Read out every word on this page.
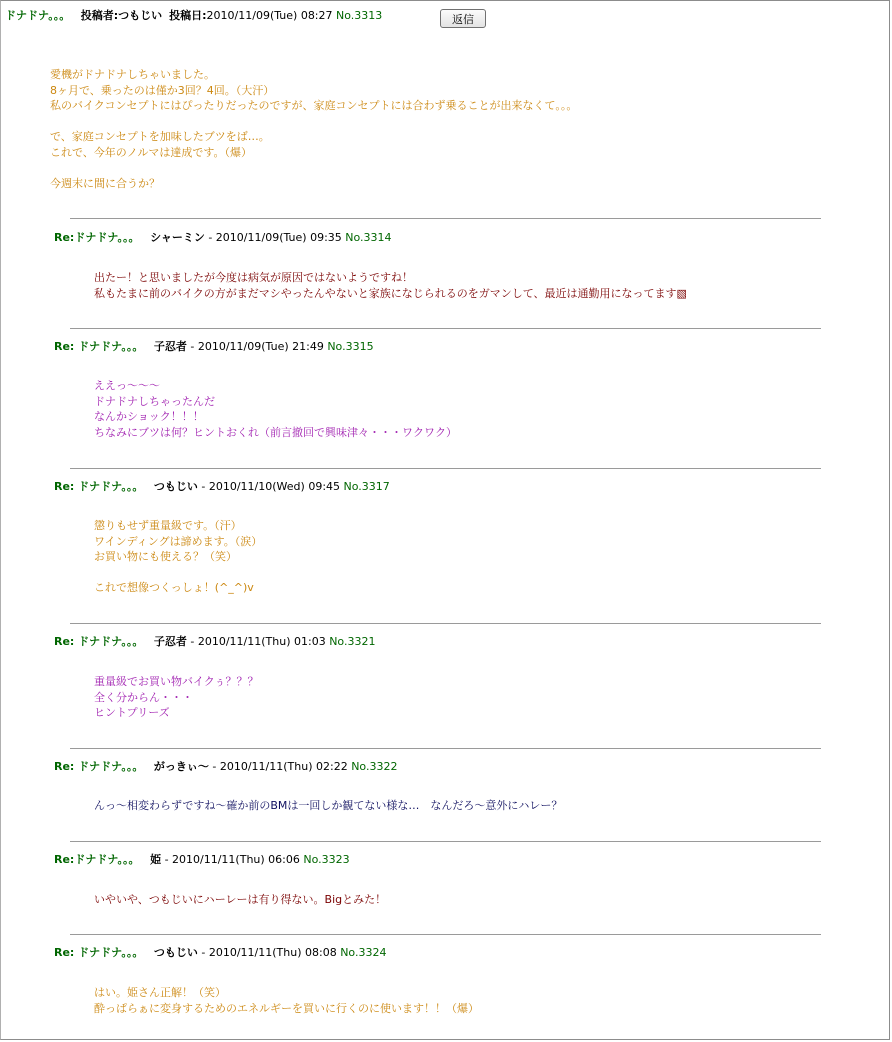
ドナドナ。。。 投稿者:つもじい 投稿日:2010/11/09(Tue) 08:27 No.3313	返信
愛機がドナドナしちゃいました。
8ヶ月で、乗ったのは僅か3回？4回。（大汗）
私のバイクコンセプトにはぴったりだったのですが、家庭コンセプトには合わず乗ることが出来なくて。。。
で、家庭コンセプトを加味したブツをば…。
これで、今年のノルマは達成です。（爆）
今週末に間に合うか？
Re:ドナドナ。。。 シャーミン - 2010/11/09(Tue) 09:35 No.3314
出たー！と思いましたが今度は病気が原因ではないようですね！
私もたまに前のバイクの方がまだマシやったんやないと家族になじられるのをガマンして、最近は通勤用になってます▧
Re: ドナドナ。。。 子忍者 - 2010/11/09(Tue) 21:49 No.3315
ええっ～～～
ドナドナしちゃったんだ
なんかショック！！！
ちなみにブツは何？ヒントおくれ（前言撤回で興味津々・・・ワクワク）
Re: ドナドナ。。。 つもじい - 2010/11/10(Wed) 09:45 No.3317
懲りもせず重量級です。（汗）
ワインディングは諦めます。（涙）
お買い物にも使える？（笑）
これで想像つくっしょ！(^_^)v
Re: ドナドナ。。。 子忍者 - 2010/11/11(Thu) 01:03 No.3321
重量級でお買い物バイクぅ？？？
全く分からん・・・
ヒントプリーズ
Re: ドナドナ。。。 がっきぃ～ - 2010/11/11(Thu) 02:22 No.3322
んっ～相変わらずですね～確か前のBMは一回しか観てない様な…　なんだろ～意外にハレー？
Re:ドナドナ。。。 姫 - 2010/11/11(Thu) 06:06 No.3323
いやいや、つもじいにハーレーは有り得ない。Bigとみた！
Re: ドナドナ。。。 つもじい - 2010/11/11(Thu) 08:08 No.3324
はい。姫さん正解！（笑）
酔っぱらぁに変身するためのエネルギーを買いに行くのに使います！！（爆）
